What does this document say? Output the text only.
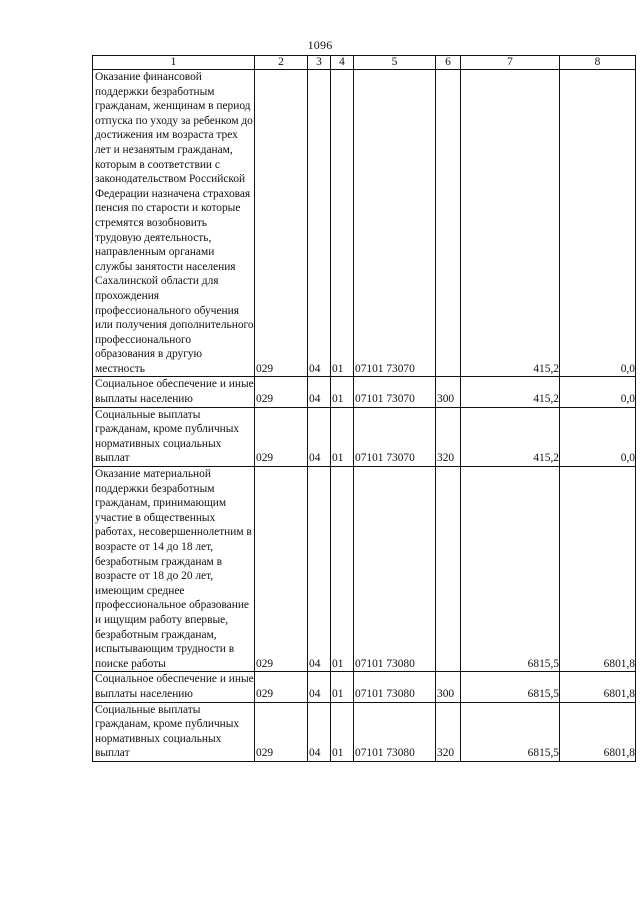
1096
1	2	3	4	5	6	7	8
Оказание финансовой поддержки безработным гражданам, женщинам в период отпуска по уходу за ребенком до достижения им возраста трех лет и незанятым гражданам, которым в соответствии с законодательством Российской Федерации назначена страховая пенсия по старости и которые стремятся возобновить трудовую деятельность, направленным органами службы занятости населения Сахалинской области для прохождения профессионального обучения или получения дополнительного профессионального образования в другую местность	029	04	01	07101 73070		415,2	0,0
Социальное обеспечение и иные выплаты населению	029	04	01	07101 73070	300	415,2	0,0
Социальные выплаты гражданам, кроме публичных нормативных социальных выплат	029	04	01	07101 73070	320	415,2	0,0
Оказание материальной поддержки безработным гражданам, принимающим участие в общественных работах, несовершеннолетним в возрасте от 14 до 18 лет, безработным гражданам в возрасте от 18 до 20 лет, имеющим среднее профессиональное образование и ищущим работу впервые, безработным гражданам, испытывающим трудности в поиске работы	029	04	01	07101 73080		6815,5	6801,8
Социальное обеспечение и иные выплаты населению	029	04	01	07101 73080	300	6815,5	6801,8
Социальные выплаты гражданам, кроме публичных нормативных социальных выплат	029	04	01	07101 73080	320	6815,5	6801,8
